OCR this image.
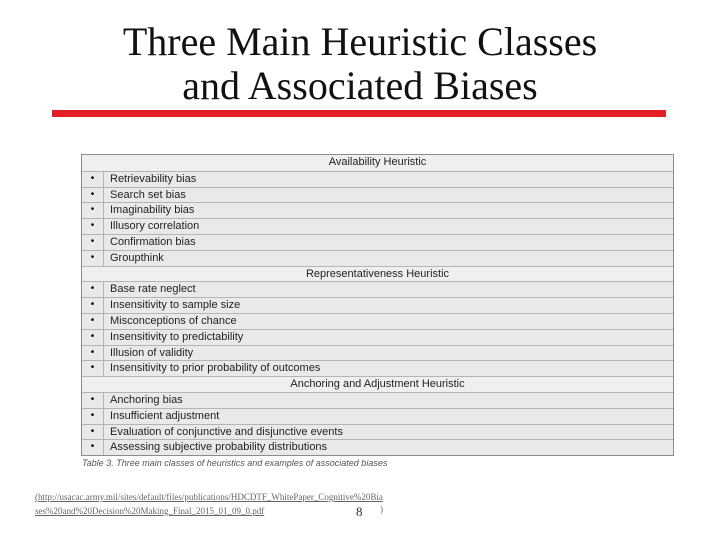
Three Main Heuristic Classes
and Associated Biases
Availability Heuristic
•	Retrievability bias
•	Search set bias
•	Imaginability bias
•	Illusory correlation
•	Confirmation bias
•	Groupthink
Representativeness Heuristic
•	Base rate neglect
•	Insensitivity to sample size
•	Misconceptions of chance
•	Insensitivity to predictability
•	Illusion of validity
•	Insensitivity to prior probability of outcomes
Anchoring and Adjustment Heuristic
•	Anchoring bias
•	Insufficient adjustment
•	Evaluation of conjunctive and disjunctive events
•	Assessing subjective probability distributions
Table 3. Three main classes of heuristics and examples of associated biases
(http://usacac.army.mil/sites/default/files/publications/HDCDTF_WhitePaper_Cognitive%20Biases%20and%20Decision%20Making_Final_2015_01_09_0.pdf	8 )
